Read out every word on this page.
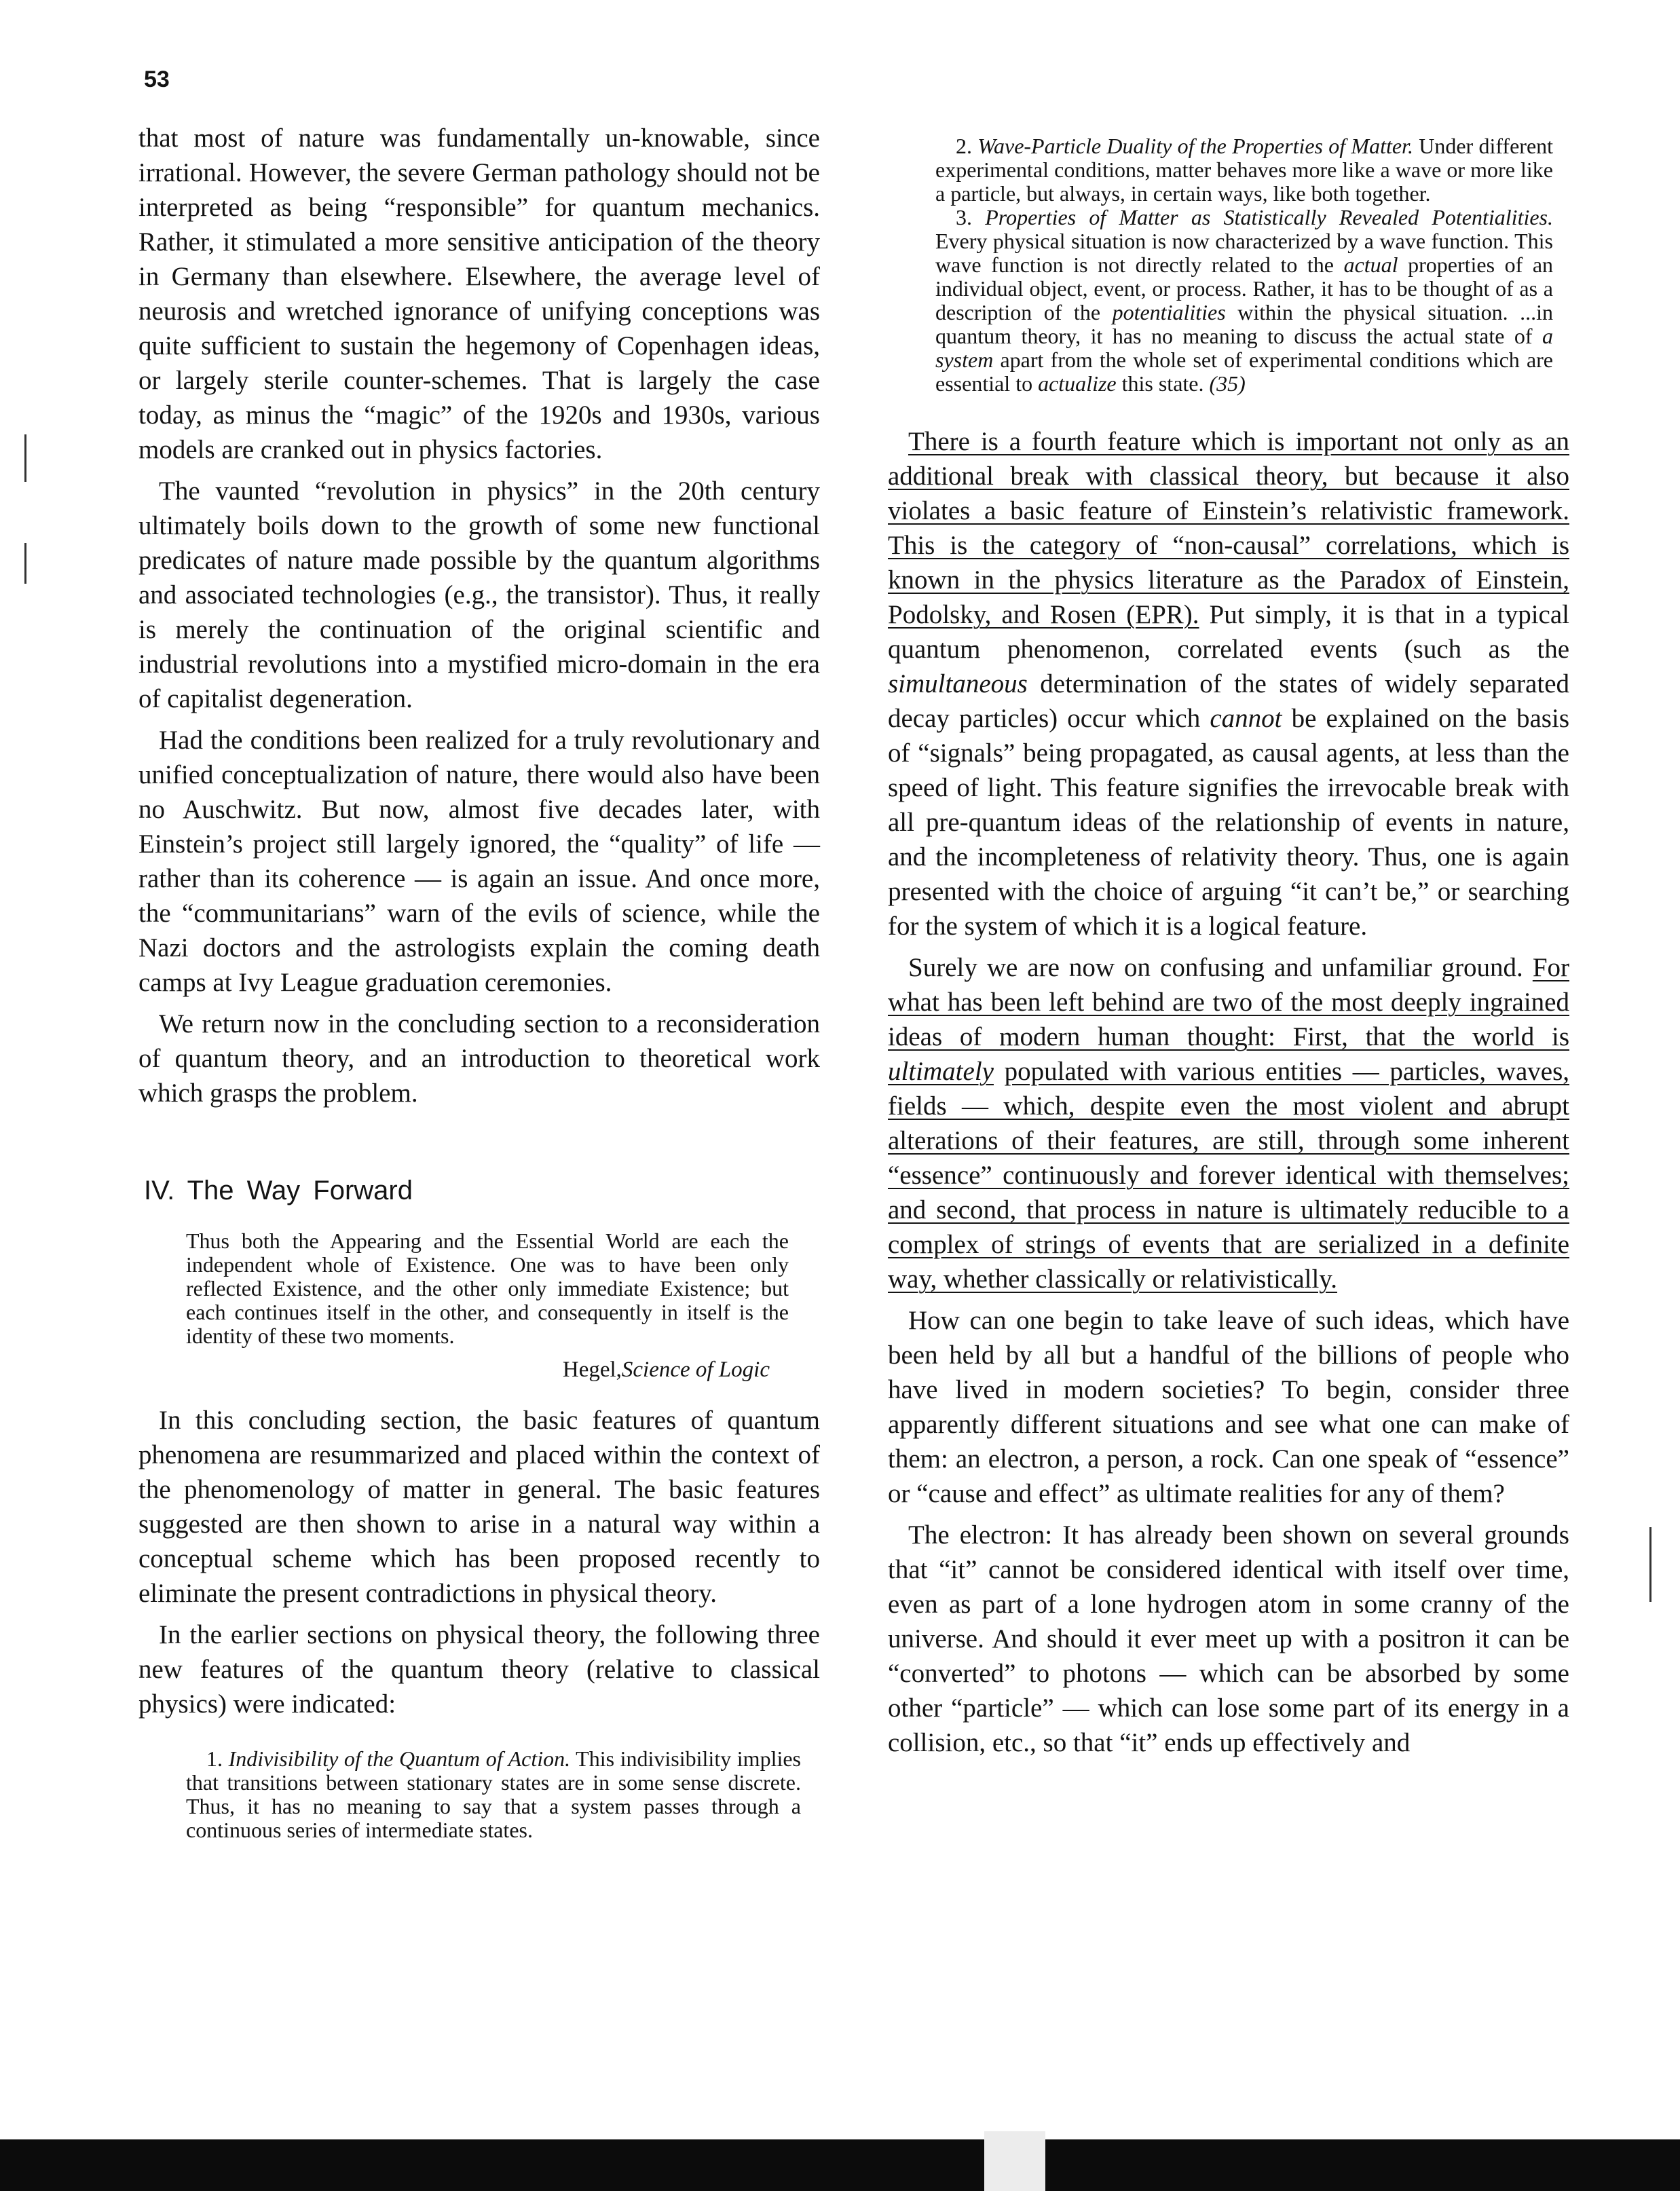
53

that most of nature was fundamentally un-knowable, since irrational. However, the severe German pathology should not be interpreted as being “responsible” for quantum mechanics. Rather, it stimulated a more sensitive anticipation of the theory in Germany than elsewhere. Elsewhere, the average level of neurosis and wretched ignorance of unifying conceptions was quite sufficient to sustain the hegemony of Copenhagen ideas, or largely sterile counter-schemes. That is largely the case today, as minus the “magic” of the 1920s and 1930s, various models are cranked out in physics factories.

The vaunted “revolution in physics” in the 20th century ultimately boils down to the growth of some new functional predicates of nature made possible by the quantum algorithms and associated technologies (e.g., the transistor). Thus, it really is merely the continuation of the original scientific and industrial revolutions into a mystified micro-domain in the era of capitalist degeneration.

Had the conditions been realized for a truly revolutionary and unified conceptualization of nature, there would also have been no Auschwitz. But now, almost five decades later, with Einstein’s project still largely ignored, the “quality” of life — rather than its coherence — is again an issue. And once more, the “communitarians” warn of the evils of science, while the Nazi doctors and the astrologists explain the coming death camps at Ivy League graduation ceremonies.

We return now in the concluding section to a reconsideration of quantum theory, and an introduction to theoretical work which grasps the problem.

IV. The Way Forward

Thus both the Appearing and the Essential World are each the independent whole of Existence. One was to have been only reflected Existence, and the other only immediate Existence; but each continues itself in the other, and consequently in itself is the identity of these two moments.

Hegel,Science of Logic

In this concluding section, the basic features of quantum phenomena are resummarized and placed within the context of the phenomenology of matter in general. The basic features suggested are then shown to arise in a natural way within a conceptual scheme which has been proposed recently to eliminate the present contradictions in physical theory.

In the earlier sections on physical theory, the following three new features of the quantum theory (relative to classical physics) were indicated:

1. Indivisibility of the Quantum of Action. This indivisibility implies that transitions between stationary states are in some sense discrete. Thus, it has no meaning to say that a system passes through a continuous series of intermediate states.

2. Wave-Particle Duality of the Properties of Matter. Under different experimental conditions, matter behaves more like a wave or more like a particle, but always, in certain ways, like both together.

3. Properties of Matter as Statistically Revealed Potentialities. Every physical situation is now characterized by a wave function. This wave function is not directly related to the actual properties of an individual object, event, or process. Rather, it has to be thought of as a description of the potentialities within the physical situation. ...in quantum theory, it has no meaning to discuss the actual state of a system apart from the whole set of experimental conditions which are essential to actualize this state. (35)

There is a fourth feature which is important not only as an additional break with classical theory, but because it also violates a basic feature of Einstein’s relativistic framework. This is the category of “non-causal” correlations, which is known in the physics literature as the Paradox of Einstein, Podolsky, and Rosen (EPR). Put simply, it is that in a typical quantum phenomenon, correlated events (such as the simultaneous determination of the states of widely separated decay particles) occur which cannot be explained on the basis of “signals” being propagated, as causal agents, at less than the speed of light. This feature signifies the irrevocable break with all pre-quantum ideas of the relationship of events in nature, and the incompleteness of relativity theory. Thus, one is again presented with the choice of arguing “it can’t be,” or searching for the system of which it is a logical feature.

Surely we are now on confusing and unfamiliar ground. For what has been left behind are two of the most deeply ingrained ideas of modern human thought: First, that the world is ultimately populated with various entities — particles, waves, fields — which, despite even the most violent and abrupt alterations of their features, are still, through some inherent “essence” continuously and forever identical with themselves; and second, that process in nature is ultimately reducible to a complex of strings of events that are serialized in a definite way, whether classically or relativistically.

How can one begin to take leave of such ideas, which have been held by all but a handful of the billions of people who have lived in modern societies? To begin, consider three apparently different situations and see what one can make of them: an electron, a person, a rock. Can one speak of “essence” or “cause and effect” as ultimate realities for any of them?

The electron: It has already been shown on several grounds that “it” cannot be considered identical with itself over time, even as part of a lone hydrogen atom in some cranny of the universe. And should it ever meet up with a positron it can be “converted” to photons — which can be absorbed by some other “particle” — which can lose some part of its energy in a collision, etc., so that “it” ends up effectively and
